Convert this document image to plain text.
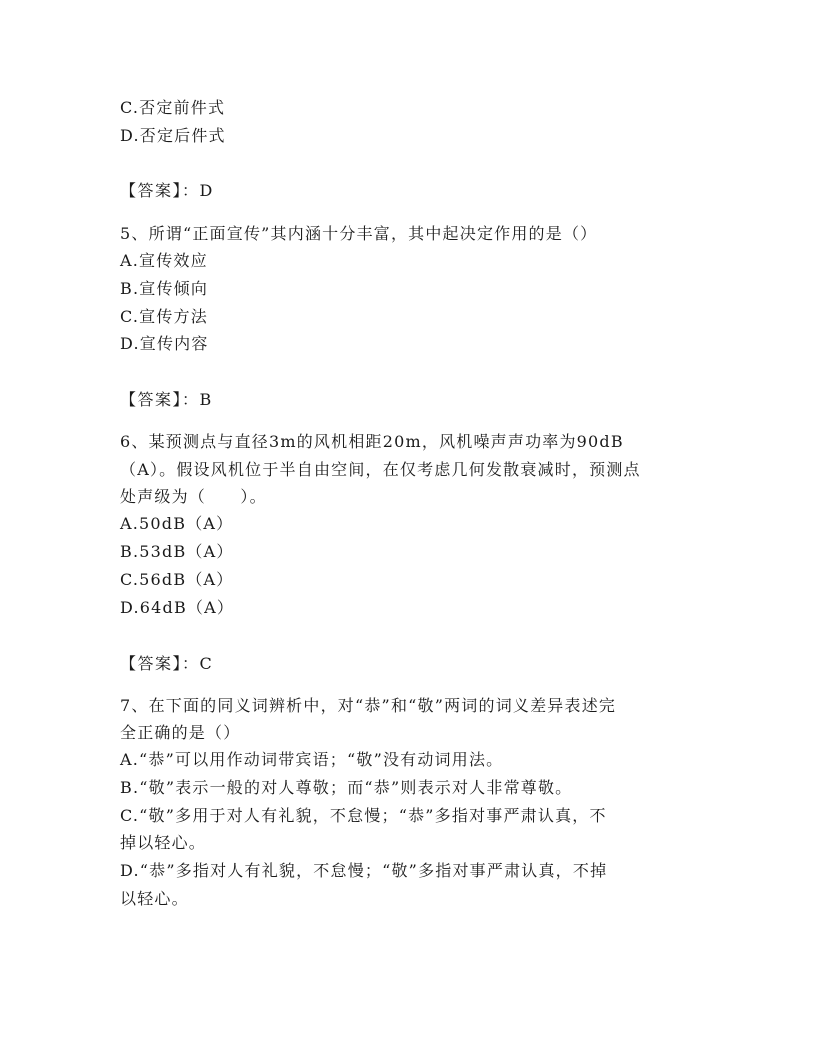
C.否定前件式
D.否定后件式
【答案】：D
5、所谓“正面宣传”其内涵十分丰富，其中起决定作用的是（）
A.宣传效应
B.宣传倾向
C.宣传方法
D.宣传内容
【答案】：B
6、某预测点与直径3m的风机相距20m，风机噪声声功率为90dB
（A）。假设风机位于半自由空间，在仅考虑几何发散衰减时，预测点
处声级为（　　）。
A.50dB（A）
B.53dB（A）
C.56dB（A）
D.64dB（A）
【答案】：C
7、在下面的同义词辨析中，对“恭”和“敬”两词的词义差异表述完
全正确的是（）
A.“恭”可以用作动词带宾语；“敬”没有动词用法。
B.“敬”表示一般的对人尊敬；而“恭”则表示对人非常尊敬。
C.“敬”多用于对人有礼貌，不怠慢；“恭”多指对事严肃认真，不
掉以轻心。
D.“恭”多指对人有礼貌，不怠慢；“敬”多指对事严肃认真，不掉
以轻心。
